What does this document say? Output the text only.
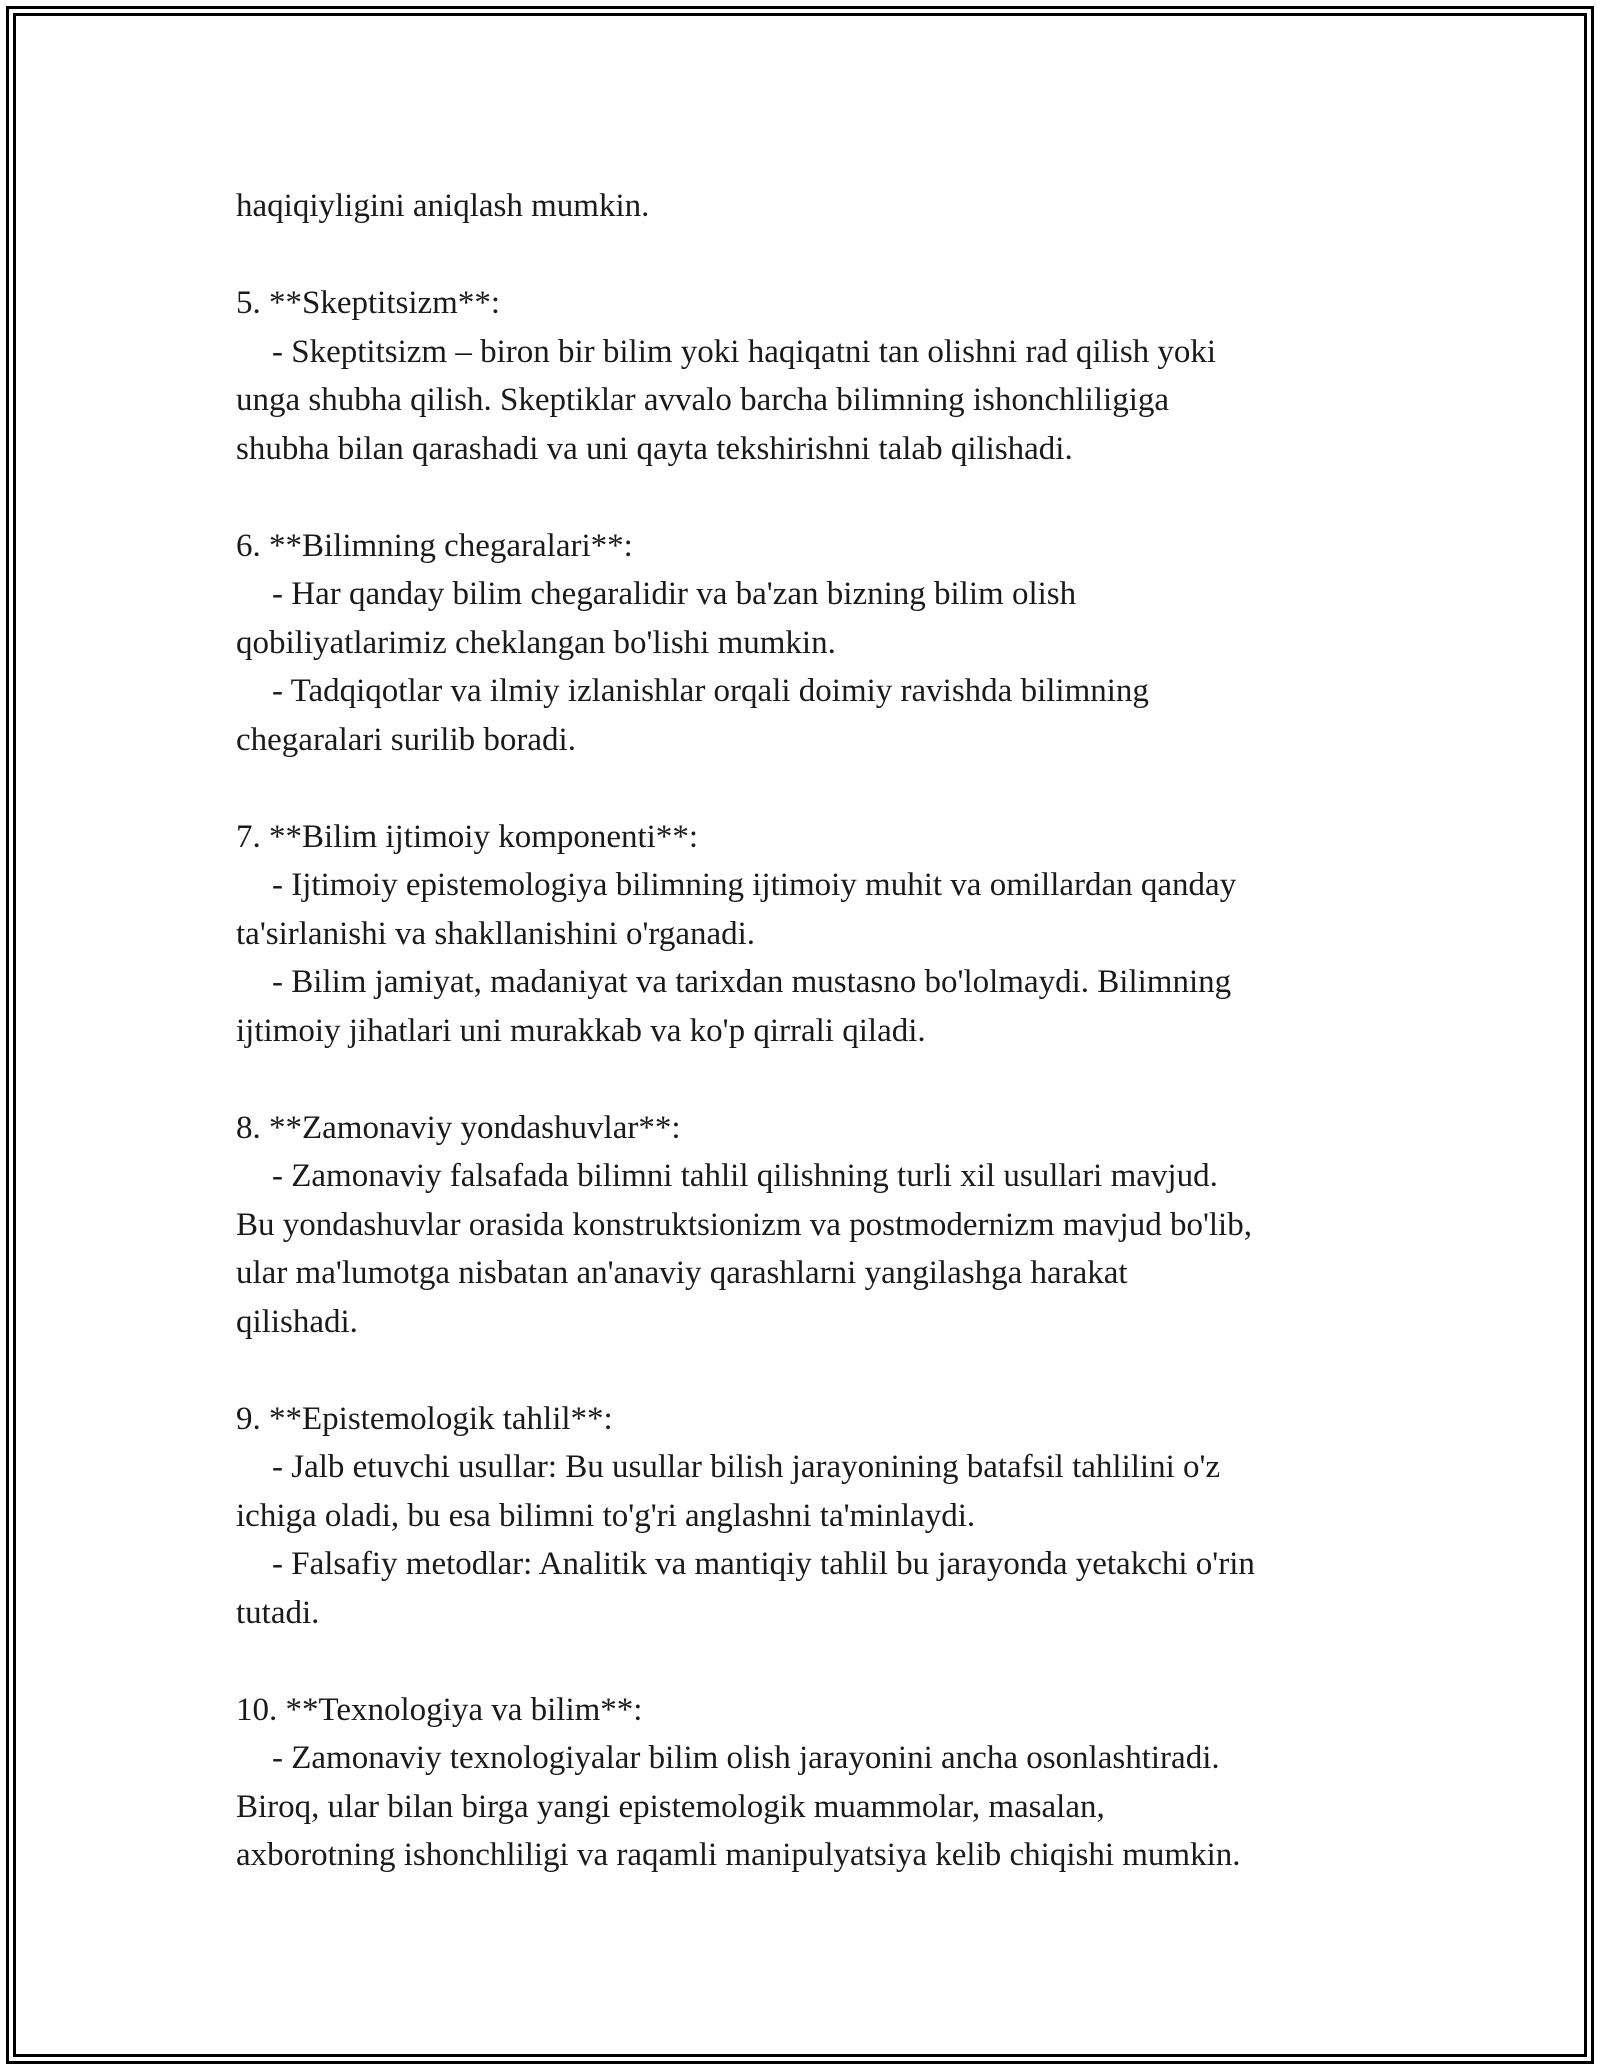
haqiqiyligini aniqlash mumkin.

5. **Skeptitsizm**:
- Skeptitsizm – biron bir bilim yoki haqiqatni tan olishni rad qilish yoki
unga shubha qilish. Skeptiklar avvalo barcha bilimning ishonchliligiga
shubha bilan qarashadi va uni qayta tekshirishni talab qilishadi.

6. **Bilimning chegaralari**:
- Har qanday bilim chegaralidir va ba'zan bizning bilim olish
qobiliyatlarimiz cheklangan bo'lishi mumkin.
- Tadqiqotlar va ilmiy izlanishlar orqali doimiy ravishda bilimning
chegaralari surilib boradi.

7. **Bilim ijtimoiy komponenti**:
- Ijtimoiy epistemologiya bilimning ijtimoiy muhit va omillardan qanday
ta'sirlanishi va shakllanishini o'rganadi.
- Bilim jamiyat, madaniyat va tarixdan mustasno bo'lolmaydi. Bilimning
ijtimoiy jihatlari uni murakkab va ko'p qirrali qiladi.

8. **Zamonaviy yondashuvlar**:
- Zamonaviy falsafada bilimni tahlil qilishning turli xil usullari mavjud.
Bu yondashuvlar orasida konstruktsionizm va postmodernizm mavjud bo'lib,
ular ma'lumotga nisbatan an'anaviy qarashlarni yangilashga harakat
qilishadi.

9. **Epistemologik tahlil**:
- Jalb etuvchi usullar: Bu usullar bilish jarayonining batafsil tahlilini o'z
ichiga oladi, bu esa bilimni to'g'ri anglashni ta'minlaydi.
- Falsafiy metodlar: Analitik va mantiqiy tahlil bu jarayonda yetakchi o'rin
tutadi.

10. **Texnologiya va bilim**:
- Zamonaviy texnologiyalar bilim olish jarayonini ancha osonlashtiradi.
Biroq, ular bilan birga yangi epistemologik muammolar, masalan,
axborotning ishonchliligi va raqamli manipulyatsiya kelib chiqishi mumkin.
